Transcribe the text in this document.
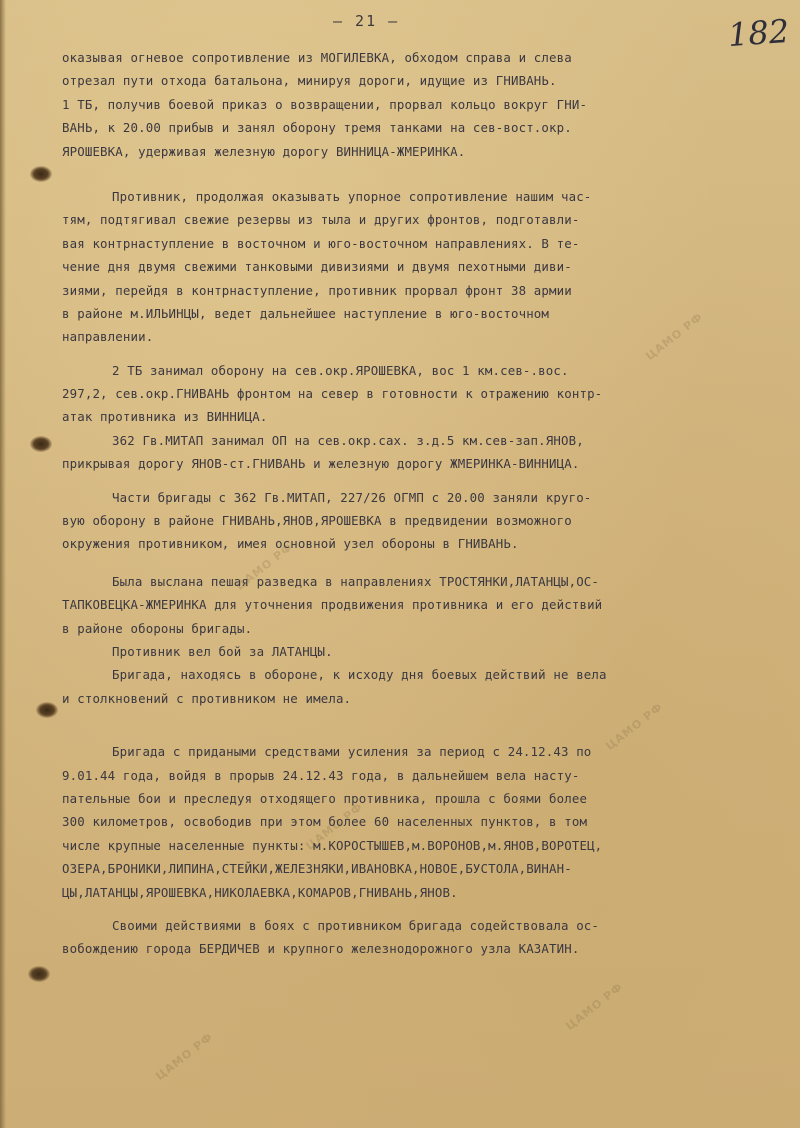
ЦАМО РФ
ЦАМО РФ
ЦАМО РФ
ЦАМО РФ
ЦАМО РФ
ЦАМО РФ
– 21 –	182
оказывая огневое сопротивление из МОГИЛЕВКА, обходом справа и слева
отрезал пути отхода батальона, минируя дороги, идущие из ГНИВАНЬ.
1 ТБ, получив боевой приказ о возвращении, прорвал кольцо вокруг ГНИ-
ВАНЬ, к 20.00 прибыв и занял оборону тремя танками на сев-вост.окр.
ЯРОШЕВКА, удерживая железную дорогу ВИННИЦА-ЖМЕРИНКА.
Противник, продолжая оказывать упорное сопротивление нашим час-
тям, подтягивал свежие резервы из тыла и других фронтов, подготавли-
вая контрнаступление в восточном и юго-восточном направлениях. В те-
чение дня двумя свежими танковыми дивизиями и двумя пехотными диви-
зиями, перейдя в контрнаступление, противник прорвал фронт 38 армии
в районе м.ИЛЬИНЦЫ, ведет дальнейшее наступление в юго-восточном
направлении.
2 ТБ занимал оборону на сев.окр.ЯРОШЕВКА, вос 1 км.сев-.вос.
297,2, сев.окр.ГНИВАНЬ фронтом на север в готовности к отражению контр-
атак противника из ВИННИЦА.
362 Гв.МИТАП занимал ОП на сев.окр.сах. з.д.5 км.сев-зап.ЯНОВ,
прикрывая дорогу ЯНОВ-ст.ГНИВАНЬ и железную дорогу ЖМЕРИНКА-ВИННИЦА.
Части бригады с 362 Гв.МИТАП, 227/26 ОГМП с 20.00 заняли круго-
вую оборону в районе ГНИВАНЬ,ЯНОВ,ЯРОШЕВКА в предвидении возможного
окружения противником, имея основной узел обороны в ГНИВАНЬ.
Была выслана пешая разведка в направлениях ТРОСТЯНКИ,ЛАТАНЦЫ,ОС-
ТАПКОВЕЦКА-ЖМЕРИНКА для уточнения продвижения противника и его действий
в районе обороны бригады.
Противник вел бой за ЛАТАНЦЫ.
Бригада, находясь в обороне, к исходу дня боевых действий не вела
и столкновений с противником не имела.
Бригада с придаными средствами усиления за период с 24.12.43 по
9.01.44 года, войдя в прорыв 24.12.43 года, в дальнейшем вела насту-
пательные бои и преследуя отходящего противника, прошла с боями более
300 километров, освободив при этом более 60 населенных пунктов, в том
числе крупные населенные пункты: м.КОРОСТЫШЕВ,м.ВОРОНОВ,м.ЯНОВ,ВОРОТЕЦ,
ОЗЕРА,БРОНИКИ,ЛИПИНА,СТЕЙКИ,ЖЕЛЕЗНЯКИ,ИВАНОВКА,НОВОЕ,БУСТОЛА,ВИНАН-
ЦЫ,ЛАТАНЦЫ,ЯРОШЕВКА,НИКОЛАЕВКА,КОМАРОВ,ГНИВАНЬ,ЯНОВ.
Своими действиями в боях с противником бригада содействовала ос-
вобождению города БЕРДИЧЕВ и крупного железнодорожного узла КАЗАТИН.
